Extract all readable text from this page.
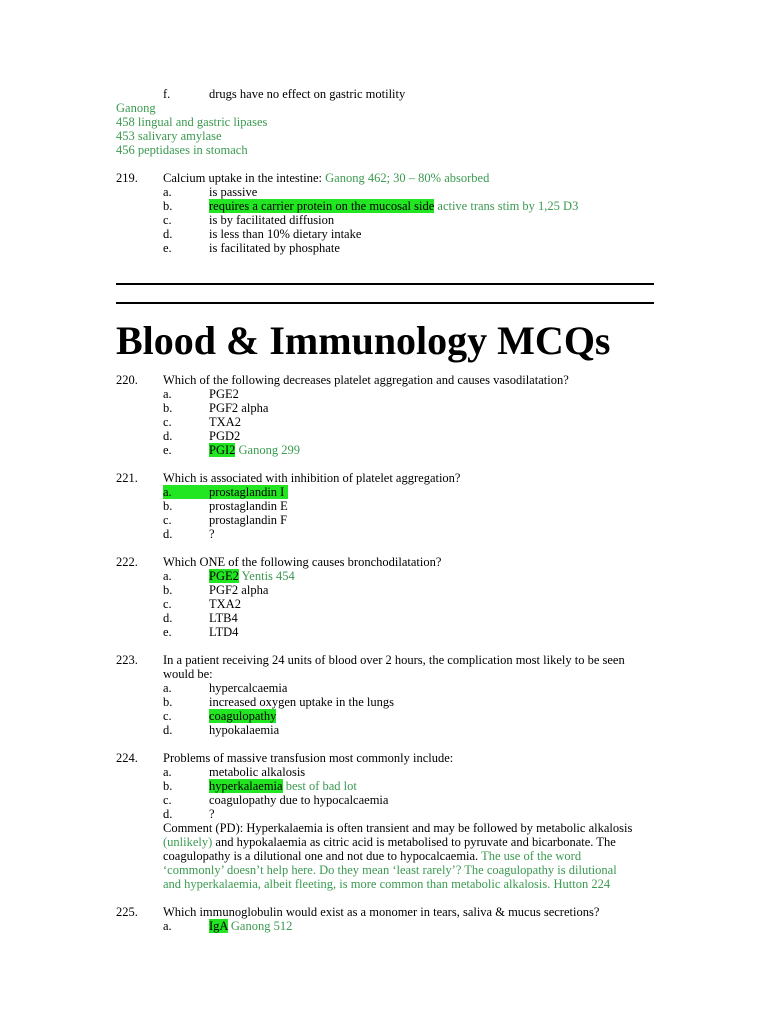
f.	drugs have no effect on gastric motility
Ganong
458 lingual and gastric lipases
453 salivary amylase
456 peptidases in stomach
219. Calcium uptake in the intestine: Ganong 462; 30 – 80% absorbed
a.	is passive
b.	requires a carrier protein on the mucosal side active trans stim by 1,25 D3
c.	is by facilitated diffusion
d.	is less than 10% dietary intake
e.	is facilitated by phosphate
Blood & Immunology MCQs
220. Which of the following decreases platelet aggregation and causes vasodilatation?
a.	PGE2
b.	PGF2 alpha
c.	TXA2
d.	PGD2
e.	PGI2 Ganong 299
221. Which is associated with inhibition of platelet aggregation?
a.	prostaglandin I
b.	prostaglandin E
c.	prostaglandin F
d.	?
222. Which ONE of the following causes bronchodilatation?
a.	PGE2 Yentis 454
b.	PGF2 alpha
c.	TXA2
d.	LTB4
e.	LTD4
223. In a patient receiving 24 units of blood over 2 hours, the complication most likely to be seen
would be:
a.	hypercalcaemia
b.	increased oxygen uptake in the lungs
c.	coagulopathy
d.	hypokalaemia
224. Problems of massive transfusion most commonly include:
a.	metabolic alkalosis
b.	hyperkalaemia best of bad lot
c.	coagulopathy due to hypocalcaemia
d.	?
Comment (PD): Hyperkalaemia is often transient and may be followed by metabolic alkalosis
(unlikely) and hypokalaemia as citric acid is metabolised to pyruvate and bicarbonate. The
coagulopathy is a dilutional one and not due to hypocalcaemia. The use of the word
‘commonly’ doesn’t help here. Do they mean ‘least rarely’? The coagulopathy is dilutional
and hyperkalaemia, albeit fleeting, is more common than metabolic alkalosis. Hutton 224
225. Which immunoglobulin would exist as a monomer in tears, saliva & mucus secretions?
a.	IgA Ganong 512
